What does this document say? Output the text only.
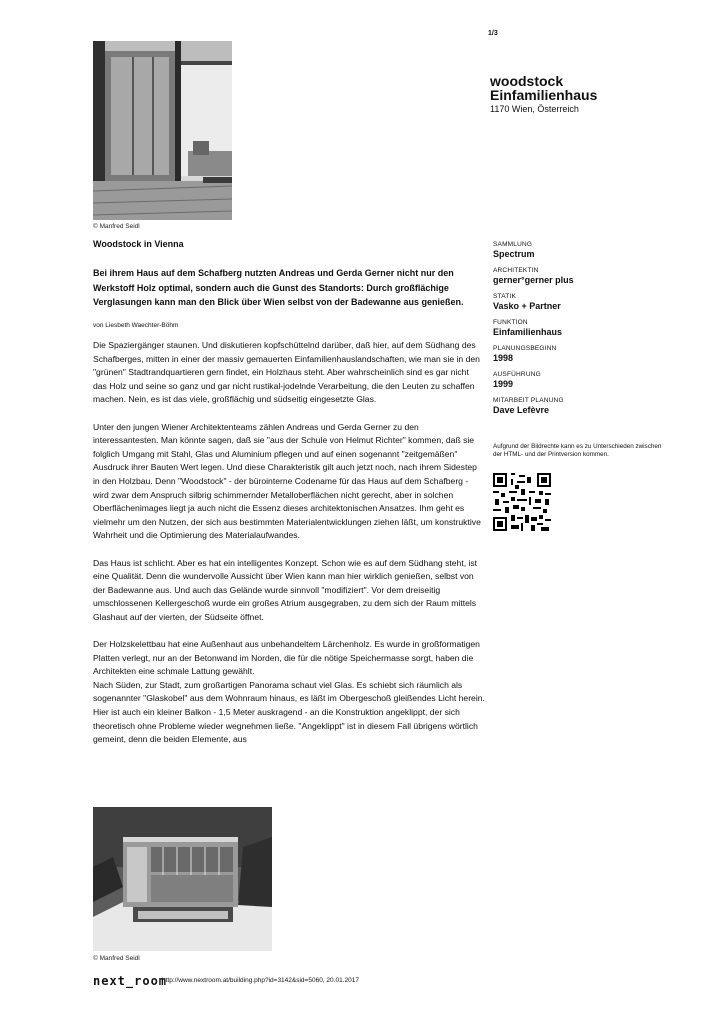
1/3
woodstock
Einfamilienhaus
1170 Wien, Österreich
© Manfred Seidl
Woodstock in Vienna
Bei ihrem Haus auf dem Schafberg nutzten Andreas und Gerda Gerner nicht nur den Werkstoff Holz optimal, sondern auch die Gunst des Standorts: Durch großflächige Verglasungen kann man den Blick über Wien selbst von der Badewanne aus genießen.
von Liesbeth Waechter-Böhm

Die Spaziergänger staunen. Und diskutieren kopfschüttelnd darüber, daß hier, auf dem Südhang des Schafberges, mitten in einer der massiv gemauerten Einfamilienhauslandschaften, wie man sie in den "grünen" Stadtrandquartieren gern findet, ein Holzhaus steht. Aber wahrscheinlich sind es gar nicht das Holz und seine so ganz und gar nicht rustikal-jodelnde Verarbeitung, die den Leuten zu schaffen machen. Nein, es ist das viele, großflächig und südseitig eingesetzte Glas.

Unter den jungen Wiener Architektenteams zählen Andreas und Gerda Gerner zu den interessantesten. Man könnte sagen, daß sie "aus der Schule von Helmut Richter" kommen, daß sie folglich Umgang mit Stahl, Glas und Aluminium pflegen und auf einen sogenannt "zeitgemäßen" Ausdruck ihrer Bauten Wert legen. Und diese Charakteristik gilt auch jetzt noch, nach ihrem Sidestep in den Holzbau. Denn "Woodstock" - der bürointerne Codename für das Haus auf dem Schafberg - wird zwar dem Anspruch silbrig schimmernder Metalloberflächen nicht gerecht, aber in solchen Oberflächenimages liegt ja auch nicht die Essenz dieses architektonischen Ansatzes. Ihm geht es vielmehr um den Nutzen, der sich aus bestimmten Materialentwicklungen ziehen läßt, um konstruktive Wahrheit und die Optimierung des Materialaufwandes.

Das Haus ist schlicht. Aber es hat ein intelligentes Konzept. Schon wie es auf dem Südhang steht, ist eine Qualität. Denn die wundervolle Aussicht über Wien kann man hier wirklich genießen, selbst von der Badewanne aus. Und auch das Gelände wurde sinnvoll "modifiziert". Vor dem dreiseitig umschlossenen Kellergeschoß wurde ein großes Atrium ausgegraben, zu dem sich der Raum mittels Glashaut auf der vierten, der Südseite öffnet.

Der Holzskelettbau hat eine Außenhaut aus unbehandeltem Lärchenholz. Es wurde in großformatigen Platten verlegt, nur an der Betonwand im Norden, die für die nötige Speichermasse sorgt, haben die Architekten eine schmale Lattung gewählt.

Nach Süden, zur Stadt, zum großartigen Panorama schaut viel Glas. Es schiebt sich räumlich als sogenannter "Glaskobel" aus dem Wohnraum hinaus, es läßt im Obergeschoß gleißendes Licht herein. Hier ist auch ein kleiner Balkon - 1,5 Meter auskragend - an die Konstruktion angeklippt, der sich theoretisch ohne Probleme wieder wegnehmen ließe. "Angeklippt" ist in diesem Fall übrigens wörtlich gemeint, denn die beiden Elemente, aus

SAMMLUNG
Spectrum
ARCHITEKTIN
gerner°gerner plus
STATIK
Vasko + Partner
FUNKTION
Einfamilienhaus
PLANUNGSBEGINN
1998
AUSFÜHRUNG
1999
MITARBEIT PLANUNG
Dave Lefèvre
Aufgrund der Bildrechte kann es zu Unterschieden zwischen der HTML- und der Printversion kommen.
© Manfred Seidl
next_room
http://www.nextroom.at/building.php?id=3142&sid=5060, 20.01.2017
